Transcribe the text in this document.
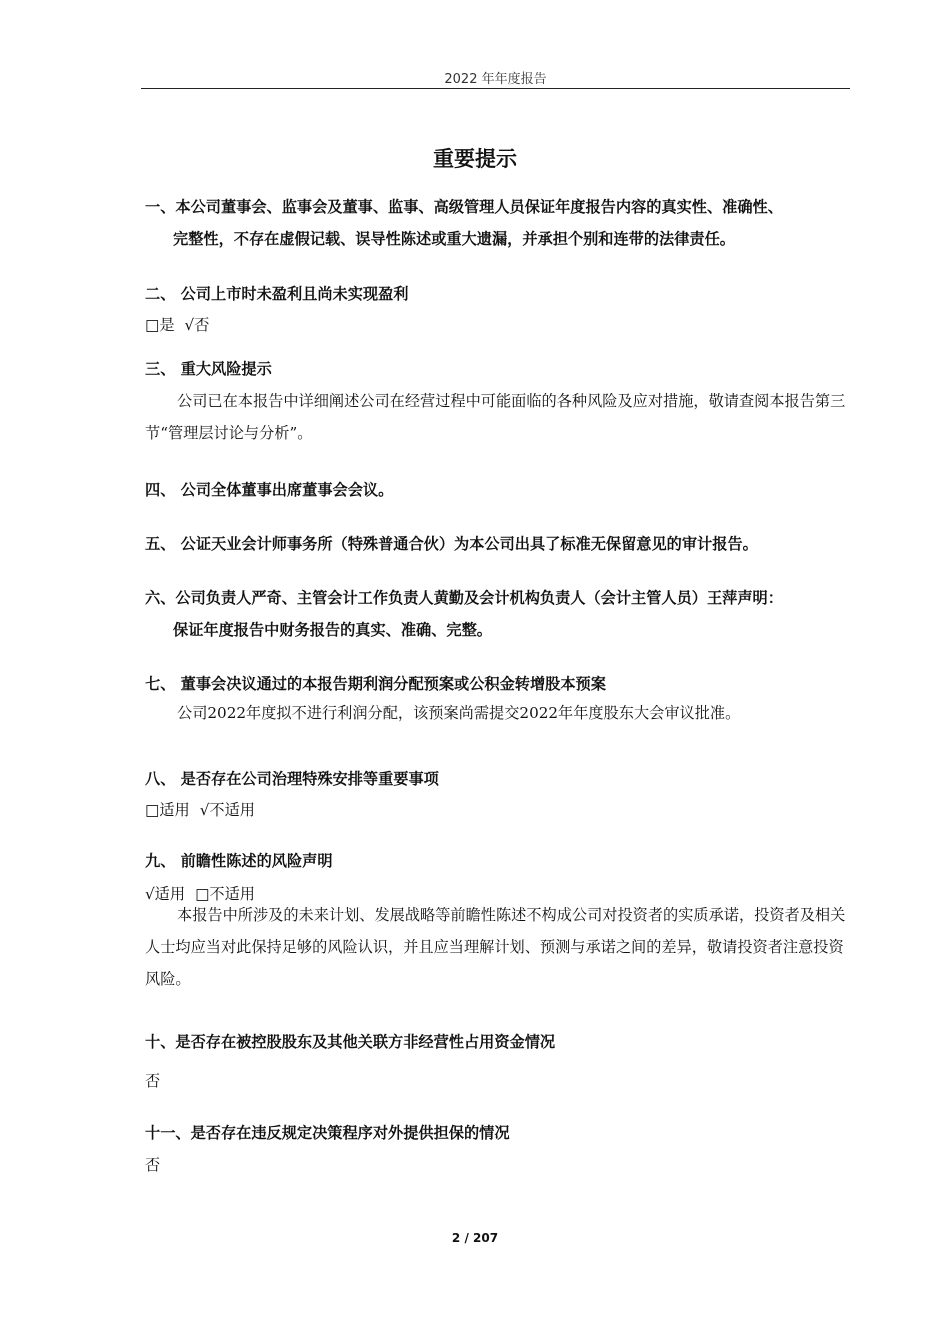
2022 年年度报告
重要提示
一、本公司董事会、监事会及董事、监事、高级管理人员保证年度报告内容的真实性、准确性、
完整性，不存在虚假记载、误导性陈述或重大遗漏，并承担个别和连带的法律责任。
二、 公司上市时未盈利且尚未实现盈利
□是 √否
三、 重大风险提示
公司已在本报告中详细阐述公司在经营过程中可能面临的各种风险及应对措施，敬请查阅本报告第三节“管理层讨论与分析”。
四、 公司全体董事出席董事会会议。
五、 公证天业会计师事务所（特殊普通合伙）为本公司出具了标准无保留意见的审计报告。
六、公司负责人严奇、主管会计工作负责人黄勤及会计机构负责人（会计主管人员）王萍声明：
保证年度报告中财务报告的真实、准确、完整。
七、 董事会决议通过的本报告期利润分配预案或公积金转增股本预案
公司2022年度拟不进行利润分配，该预案尚需提交2022年年度股东大会审议批准。
八、 是否存在公司治理特殊安排等重要事项
□适用 √不适用
九、 前瞻性陈述的风险声明
√适用 □不适用
本报告中所涉及的未来计划、发展战略等前瞻性陈述不构成公司对投资者的实质承诺，投资者及相关人士均应当对此保持足够的风险认识，并且应当理解计划、预测与承诺之间的差异，敬请投资者注意投资风险。
十、是否存在被控股股东及其他关联方非经营性占用资金情况
否
十一、是否存在违反规定决策程序对外提供担保的情况
否
2 / 207
